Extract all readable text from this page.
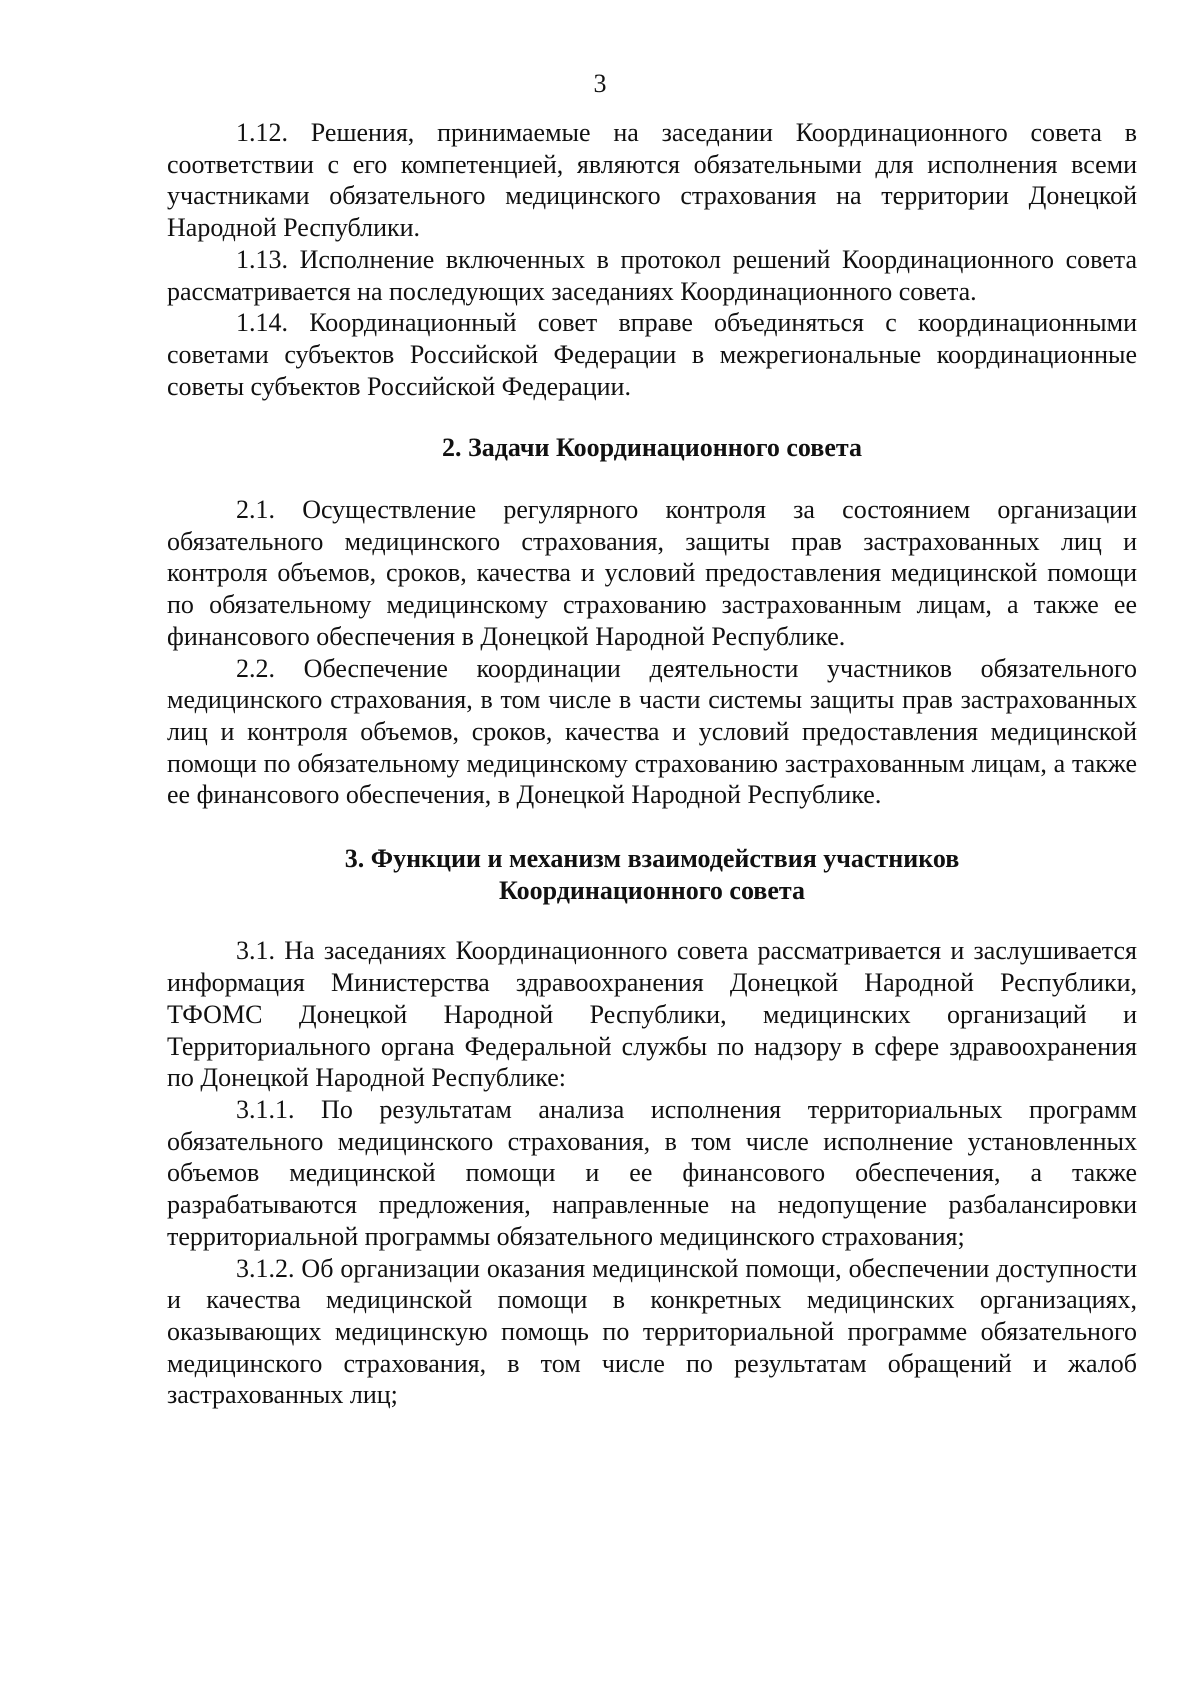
3

1.12. Решения, принимаемые на заседании Координационного совета в соответствии с его компетенцией, являются обязательными для исполнения всеми участниками обязательного медицинского страхования на территории Донецкой Народной Республики.

1.13. Исполнение включенных в протокол решений Координационного совета рассматривается на последующих заседаниях Координационного совета.

1.14. Координационный совет вправе объединяться с координационными советами субъектов Российской Федерации в межрегиональные координационные советы субъектов Российской Федерации.

2. Задачи Координационного совета

2.1. Осуществление регулярного контроля за состоянием организации обязательного медицинского страхования, защиты прав застрахованных лиц и контроля объемов, сроков, качества и условий предоставления медицинской помощи по обязательному медицинскому страхованию застрахованным лицам, а также ее финансового обеспечения в Донецкой Народной Республике.

2.2. Обеспечение координации деятельности участников обязательного медицинского страхования, в том числе в части системы защиты прав застрахованных лиц и контроля объемов, сроков, качества и условий предоставления медицинской помощи по обязательному медицинскому страхованию застрахованным лицам, а также ее финансового обеспечения, в Донецкой Народной Республике.

3. Функции и механизм взаимодействия участников
Координационного совета

3.1. На заседаниях Координационного совета рассматривается и заслушивается информация Министерства здравоохранения Донецкой Народной Республики, ТФОМС Донецкой Народной Республики, медицинских организаций и Территориального органа Федеральной службы по надзору в сфере здравоохранения по Донецкой Народной Республике:

3.1.1. По результатам анализа исполнения территориальных программ обязательного медицинского страхования, в том числе исполнение установленных объемов медицинской помощи и ее финансового обеспечения, а также разрабатываются предложения, направленные на недопущение разбалансировки территориальной программы обязательного медицинского страхования;

3.1.2. Об организации оказания медицинской помощи, обеспечении доступности и качества медицинской помощи в конкретных медицинских организациях, оказывающих медицинскую помощь по территориальной программе обязательного медицинского страхования, в том числе по результатам обращений и жалоб застрахованных лиц;
